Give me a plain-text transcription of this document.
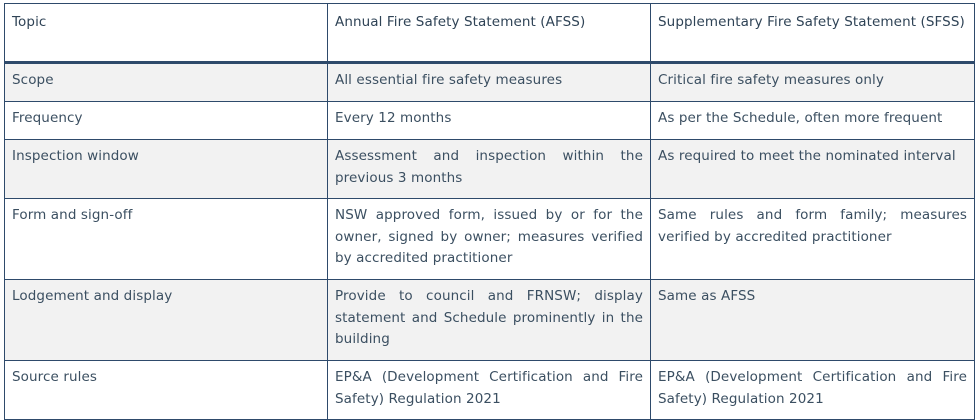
Topic	Annual Fire Safety Statement (AFSS)	Supplementary Fire Safety Statement (SFSS)
Scope	All essential fire safety measures	Critical fire safety measures only
Frequency	Every 12 months	As per the Schedule, often more frequent
Inspection window	Assessment and inspection within the previous 3 months	As required to meet the nominated interval
Form and sign-off	NSW approved form, issued by or for the owner, signed by owner; measures verified by accredited practitioner	Same rules and form family; measures verified by accredited practitioner
Lodgement and display	Provide to council and FRNSW; display statement and Schedule prominently in the building	Same as AFSS
Source rules	EP&A (Development Certification and Fire Safety) Regulation 2021	EP&A (Development Certification and Fire Safety) Regulation 2021
